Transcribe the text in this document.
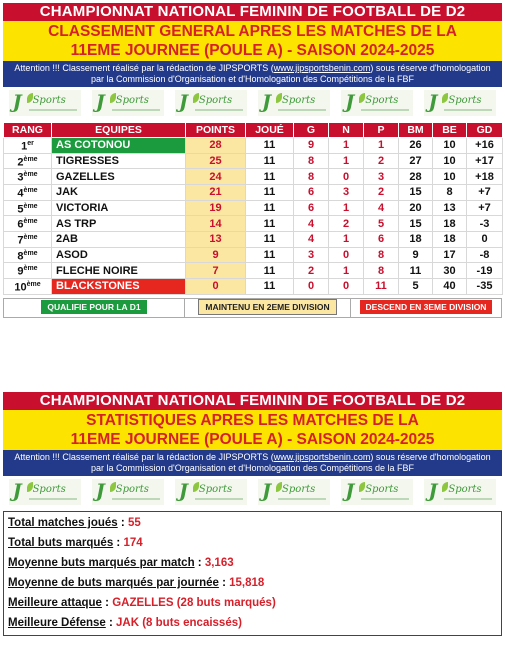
CHAMPIONNAT NATIONAL FEMININ DE FOOTBALL DE D2
CLASSEMENT GENERAL APRES LES MATCHES DE LA
11EME JOURNEE (POULE A) - SAISON 2024-2025
Attention !!! Classement réalisé par la rédaction de JIPSPORTS (www.jipsportsbenin.com) sous réserve d'homologation par la Commission d'Organisation et d'Homologation des Compétitions de la FBF
J Sports J Sports J Sports J Sports J Sports J Sports
RANG	EQUIPES	POINTS	JOUÉ	G	N	P	BM	BE	GD
1er	AS COTONOU	28	11	9	1	1	26	10	+16
2ème	TIGRESSES	25	11	8	1	2	27	10	+17
3ème	GAZELLES	24	11	8	0	3	28	10	+18
4ème	JAK	21	11	6	3	2	15	8	+7
5ème	VICTORIA	19	11	6	1	4	20	13	+7
6ème	AS TRP	14	11	4	2	5	15	18	-3
7ème	2AB	13	11	4	1	6	18	18	0
8ème	ASOD	9	11	3	0	8	9	17	-8
9ème	FLECHE NOIRE	7	11	2	1	8	11	30	-19
10ème	BLACKSTONES	0	11	0	0	11	5	40	-35
QUALIFIE POUR LA D1	MAINTENU EN 2EME DIVISION	DESCEND EN 3EME DIVISION
CHAMPIONNAT NATIONAL FEMININ DE FOOTBALL DE D2
STATISTIQUES APRES LES MATCHES DE LA
11EME JOURNEE (POULE A) - SAISON 2024-2025
Attention !!! Classement réalisé par la rédaction de JIPSPORTS (www.jipsportsbenin.com) sous réserve d'homologation par la Commission d'Organisation et d'Homologation des Compétitions de la FBF
J Sports J Sports J Sports J Sports J Sports J Sports
Total matches joués : 55
Total buts marqués : 174
Moyenne buts marqués par match : 3,163
Moyenne de buts marqués par journée : 15,818
Meilleure attaque : GAZELLES (28 buts marqués)
Meilleure Défense : JAK (8 buts encaissés)
